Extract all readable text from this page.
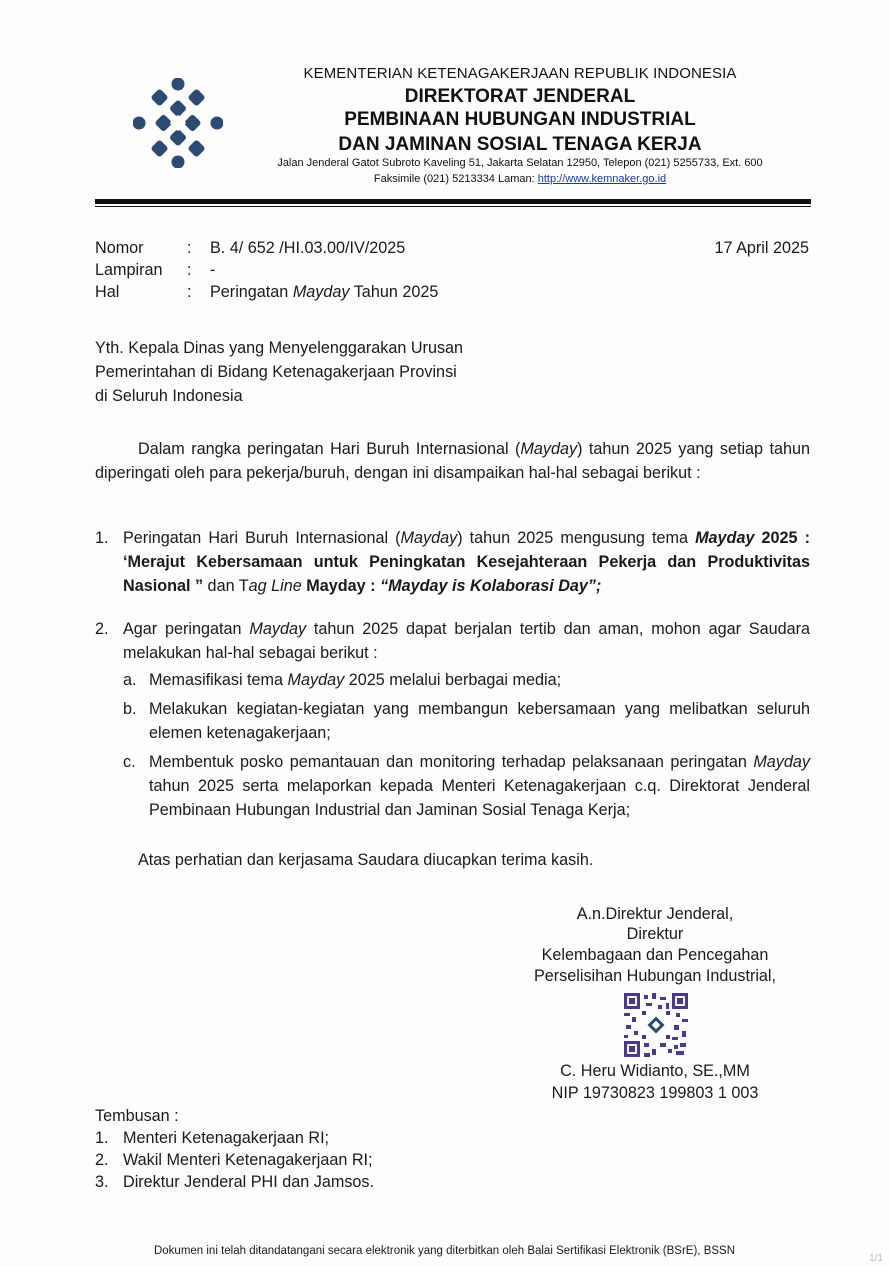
KEMENTERIAN KETENAGAKERJAAN REPUBLIK INDONESIA
DIREKTORAT JENDERAL
PEMBINAAN HUBUNGAN INDUSTRIAL
DAN JAMINAN SOSIAL TENAGA KERJA
Jalan Jenderal Gatot Subroto Kaveling 51, Jakarta Selatan 12950, Telepon (021) 5255733, Ext. 600
Faksimile (021) 5213334 Laman: http://www.kemnaker.go.id
Nomor	: B. 4/ 652 /HI.03.00/IV/2025	17 April 2025
Lampiran	: -
Hal	: Peringatan Mayday Tahun 2025
Yth. Kepala Dinas yang Menyelenggarakan Urusan
Pemerintahan di Bidang Ketenagakerjaan Provinsi
di Seluruh Indonesia
Dalam rangka peringatan Hari Buruh Internasional (Mayday) tahun 2025 yang setiap tahun diperingati oleh para pekerja/buruh, dengan ini disampaikan hal-hal sebagai berikut :
1. Peringatan Hari Buruh Internasional (Mayday) tahun 2025 mengusung tema Mayday 2025 : ‘Merajut Kebersamaan untuk Peningkatan Kesejahteraan Pekerja dan Produktivitas Nasional ” dan Tag Line Mayday : “Mayday is Kolaborasi Day”;
2. Agar peringatan Mayday tahun 2025 dapat berjalan tertib dan aman, mohon agar Saudara melakukan hal-hal sebagai berikut :
a. Memasifikasi tema Mayday 2025 melalui berbagai media;
b. Melakukan kegiatan-kegiatan yang membangun kebersamaan yang melibatkan seluruh elemen ketenagakerjaan;
c. Membentuk posko pemantauan dan monitoring terhadap pelaksanaan peringatan Mayday tahun 2025 serta melaporkan kepada Menteri Ketenagakerjaan c.q. Direktorat Jenderal Pembinaan Hubungan Industrial dan Jaminan Sosial Tenaga Kerja;
Atas perhatian dan kerjasama Saudara diucapkan terima kasih.
A.n.Direktur Jenderal,
Direktur
Kelembagaan dan Pencegahan
Perselisihan Hubungan Industrial,
C. Heru Widianto, SE.,MM
NIP 19730823 199803 1 003
Tembusan :
1. Menteri Ketenagakerjaan RI;
2. Wakil Menteri Ketenagakerjaan RI;
3. Direktur Jenderal PHI dan Jamsos.
Dokumen ini telah ditandatangani secara elektronik yang diterbitkan oleh Balai Sertifikasi Elektronik (BSrE), BSSN
1/1
